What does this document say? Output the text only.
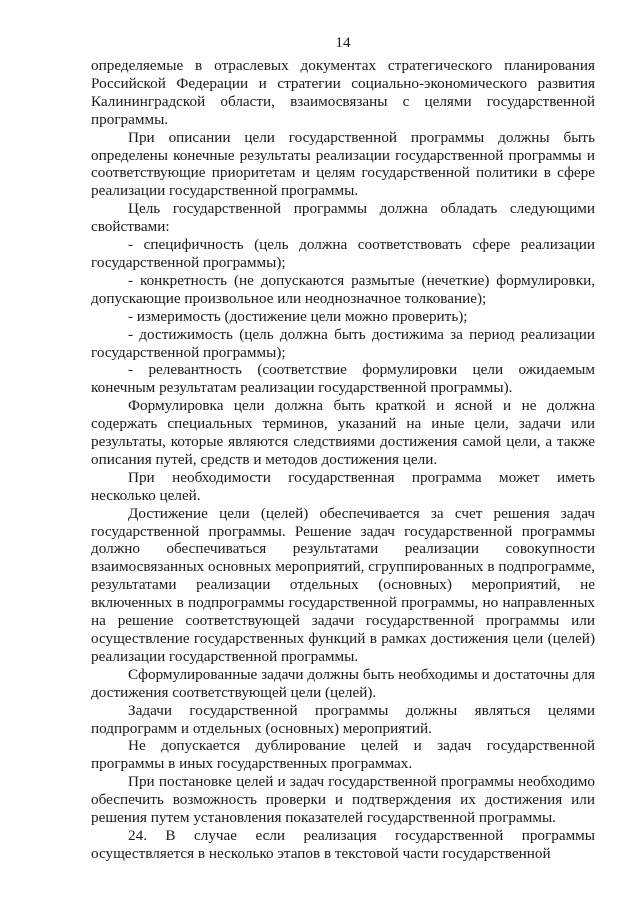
14

определяемые в отраслевых документах стратегического планирования Российской Федерации и стратегии социально-экономического развития Калининградской области, взаимосвязаны с целями государственной программы.

При описании цели государственной программы должны быть определены конечные результаты реализации государственной программы и соответствующие приоритетам и целям государственной политики в сфере реализации государственной программы.

Цель государственной программы должна обладать следующими свойствами:

- специфичность (цель должна соответствовать сфере реализации государственной программы);

- конкретность (не допускаются размытые (нечеткие) формулировки, допускающие произвольное или неоднозначное толкование);

- измеримость (достижение цели можно проверить);

- достижимость (цель должна быть достижима за период реализации государственной программы);

- релевантность (соответствие формулировки цели ожидаемым конечным результатам реализации государственной программы).

Формулировка цели должна быть краткой и ясной и не должна содержать специальных терминов, указаний на иные цели, задачи или результаты, которые являются следствиями достижения самой цели, а также описания путей, средств и методов достижения цели.

При необходимости государственная программа может иметь несколько целей.

Достижение цели (целей) обеспечивается за счет решения задач государственной программы. Решение задач государственной программы должно обеспечиваться результатами реализации совокупности взаимосвязанных основных мероприятий, сгруппированных в подпрограмме, результатами реализации отдельных (основных) мероприятий, не включенных в подпрограммы государственной программы, но направленных на решение соответствующей задачи государственной программы или осуществление государственных функций в рамках достижения цели (целей) реализации государственной программы.

Сформулированные задачи должны быть необходимы и достаточны для достижения соответствующей цели (целей).

Задачи государственной программы должны являться целями подпрограмм и отдельных (основных) мероприятий.

Не допускается дублирование целей и задач государственной программы в иных государственных программах.

При постановке целей и задач государственной программы необходимо обеспечить возможность проверки и подтверждения их достижения или решения путем установления показателей государственной программы.

24. В случае если реализация государственной программы осуществляется в несколько этапов в текстовой части государственной
